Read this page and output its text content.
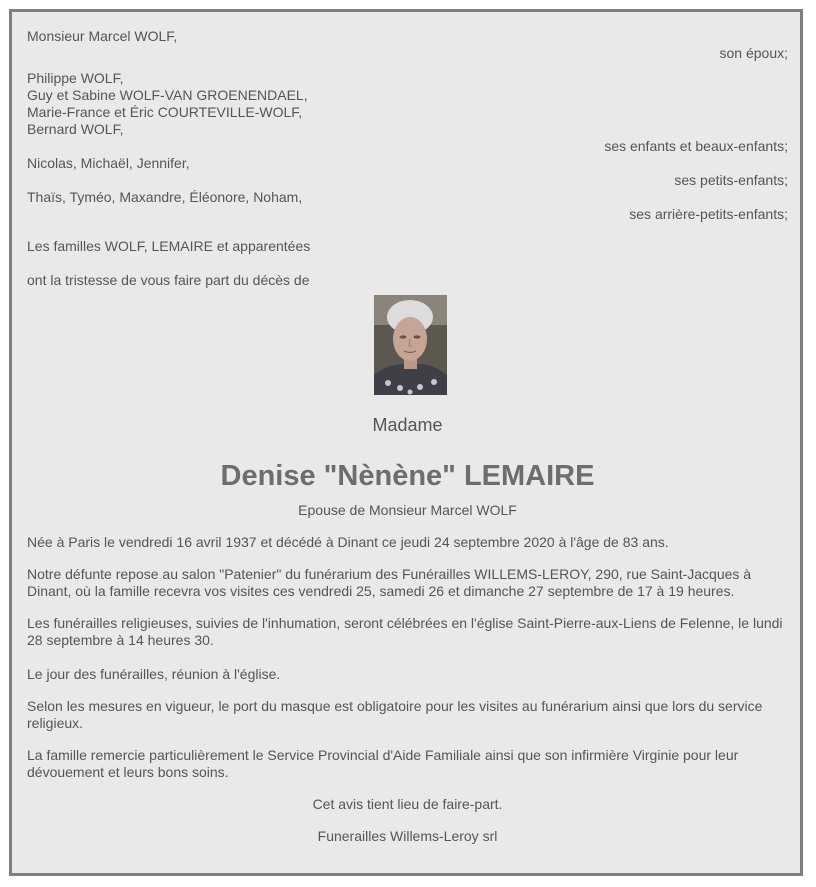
Monsieur Marcel WOLF,

son époux;

Philippe WOLF,

Guy et Sabine WOLF-VAN GROENENDAEL,

Marie-France et Éric COURTEVILLE-WOLF,

Bernard WOLF,

ses enfants et beaux-enfants;

Nicolas, Michaël, Jennifer,

ses petits-enfants;

Thaïs, Tyméo, Maxandre, Éléonore, Noham,

ses arrière-petits-enfants;

Les familles WOLF, LEMAIRE et apparentées

ont la tristesse de vous faire part du décès de

Madame

Denise "Nènène" LEMAIRE

Epouse de Monsieur Marcel WOLF

Née à Paris le vendredi 16 avril 1937 et décédé à Dinant ce jeudi 24 septembre 2020 à l'âge de 83 ans.

Notre défunte repose au salon "Patenier" du funérarium des Funérailles WILLEMS-LEROY, 290, rue Saint-Jacques à Dinant, où la famille recevra vos visites ces vendredi 25, samedi 26 et dimanche 27 septembre de 17 à 19 heures.

Les funérailles religieuses, suivies de l'inhumation, seront célébrées en l'église Saint-Pierre-aux-Liens de Felenne, le lundi 28 septembre à 14 heures 30.

Le jour des funérailles, réunion à l'église.

Selon les mesures en vigueur, le port du masque est obligatoire pour les visites au funérarium ainsi que lors du service religieux.

La famille remercie particulièrement le Service Provincial d'Aide Familiale ainsi que son infirmière Virginie pour leur dévouement et leurs bons soins.

Cet avis tient lieu de faire-part.

Funerailles Willems-Leroy srl
